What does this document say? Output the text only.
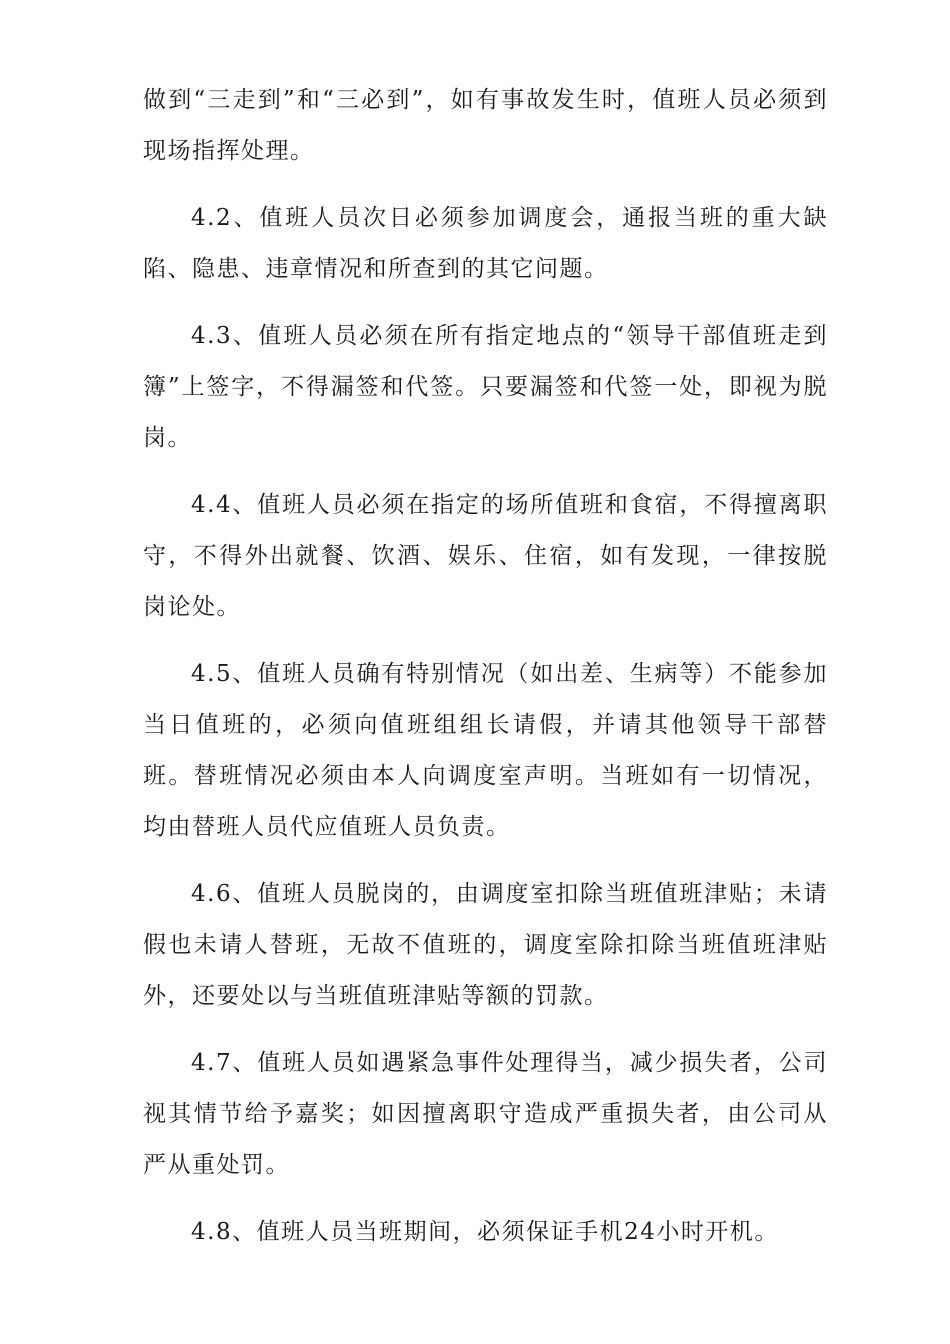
做到“三走到”和“三必到”，如有事故发生时，值班人员必须到现场指挥处理。

4.2、值班人员次日必须参加调度会，通报当班的重大缺陷、隐患、违章情况和所查到的其它问题。

4.3、值班人员必须在所有指定地点的“领导干部值班走到簿”上签字，不得漏签和代签。只要漏签和代签一处，即视为脱岗。

4.4、值班人员必须在指定的场所值班和食宿，不得擅离职守，不得外出就餐、饮酒、娱乐、住宿，如有发现，一律按脱岗论处。

4.5、值班人员确有特别情况（如出差、生病等）不能参加当日值班的，必须向值班组组长请假，并请其他领导干部替班。替班情况必须由本人向调度室声明。当班如有一切情况，均由替班人员代应值班人员负责。

4.6、值班人员脱岗的，由调度室扣除当班值班津贴；未请假也未请人替班，无故不值班的，调度室除扣除当班值班津贴外，还要处以与当班值班津贴等额的罚款。

4.7、值班人员如遇紧急事件处理得当，减少损失者，公司视其情节给予嘉奖；如因擅离职守造成严重损失者，由公司从严从重处罚。

4.8、值班人员当班期间，必须保证手机24小时开机。
